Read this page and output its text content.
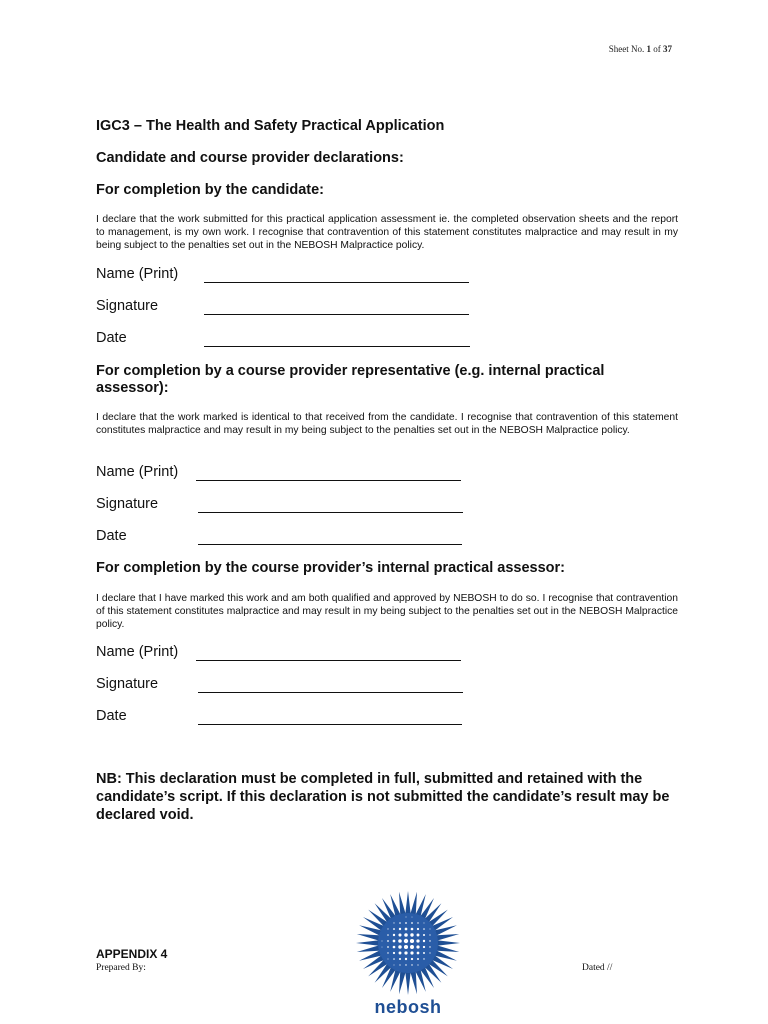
Sheet No. 1 of 37
IGC3 – The Health and Safety Practical Application
Candidate and course provider declarations:
For completion by the candidate:
I declare that the work submitted for this practical application assessment ie. the completed observation sheets and the report to management, is my own work. I recognise that contravention of this statement constitutes malpractice and may result in my being subject to the penalties set out in the NEBOSH Malpractice policy.
Name (Print)
Signature
Date
For completion by a course provider representative (e.g. internal practical assessor):
I declare that the work marked is identical to that received from the candidate. I recognise that contravention of this statement constitutes malpractice and may result in my being subject to the penalties set out in the NEBOSH Malpractice policy.
Name (Print)
Signature
Date
For completion by the course provider’s internal practical assessor:
I declare that I have marked this work and am both qualified and approved by NEBOSH to do so. I recognise that contravention of this statement constitutes malpractice and may result in my being subject to the penalties set out in the NEBOSH Malpractice policy.
Name (Print)
Signature
Date
NB: This declaration must be completed in full, submitted and retained with the candidate’s script. If this declaration is not submitted the candidate’s result may be declared void.
APPENDIX 4
Prepared By:	Dated //
nebosh
